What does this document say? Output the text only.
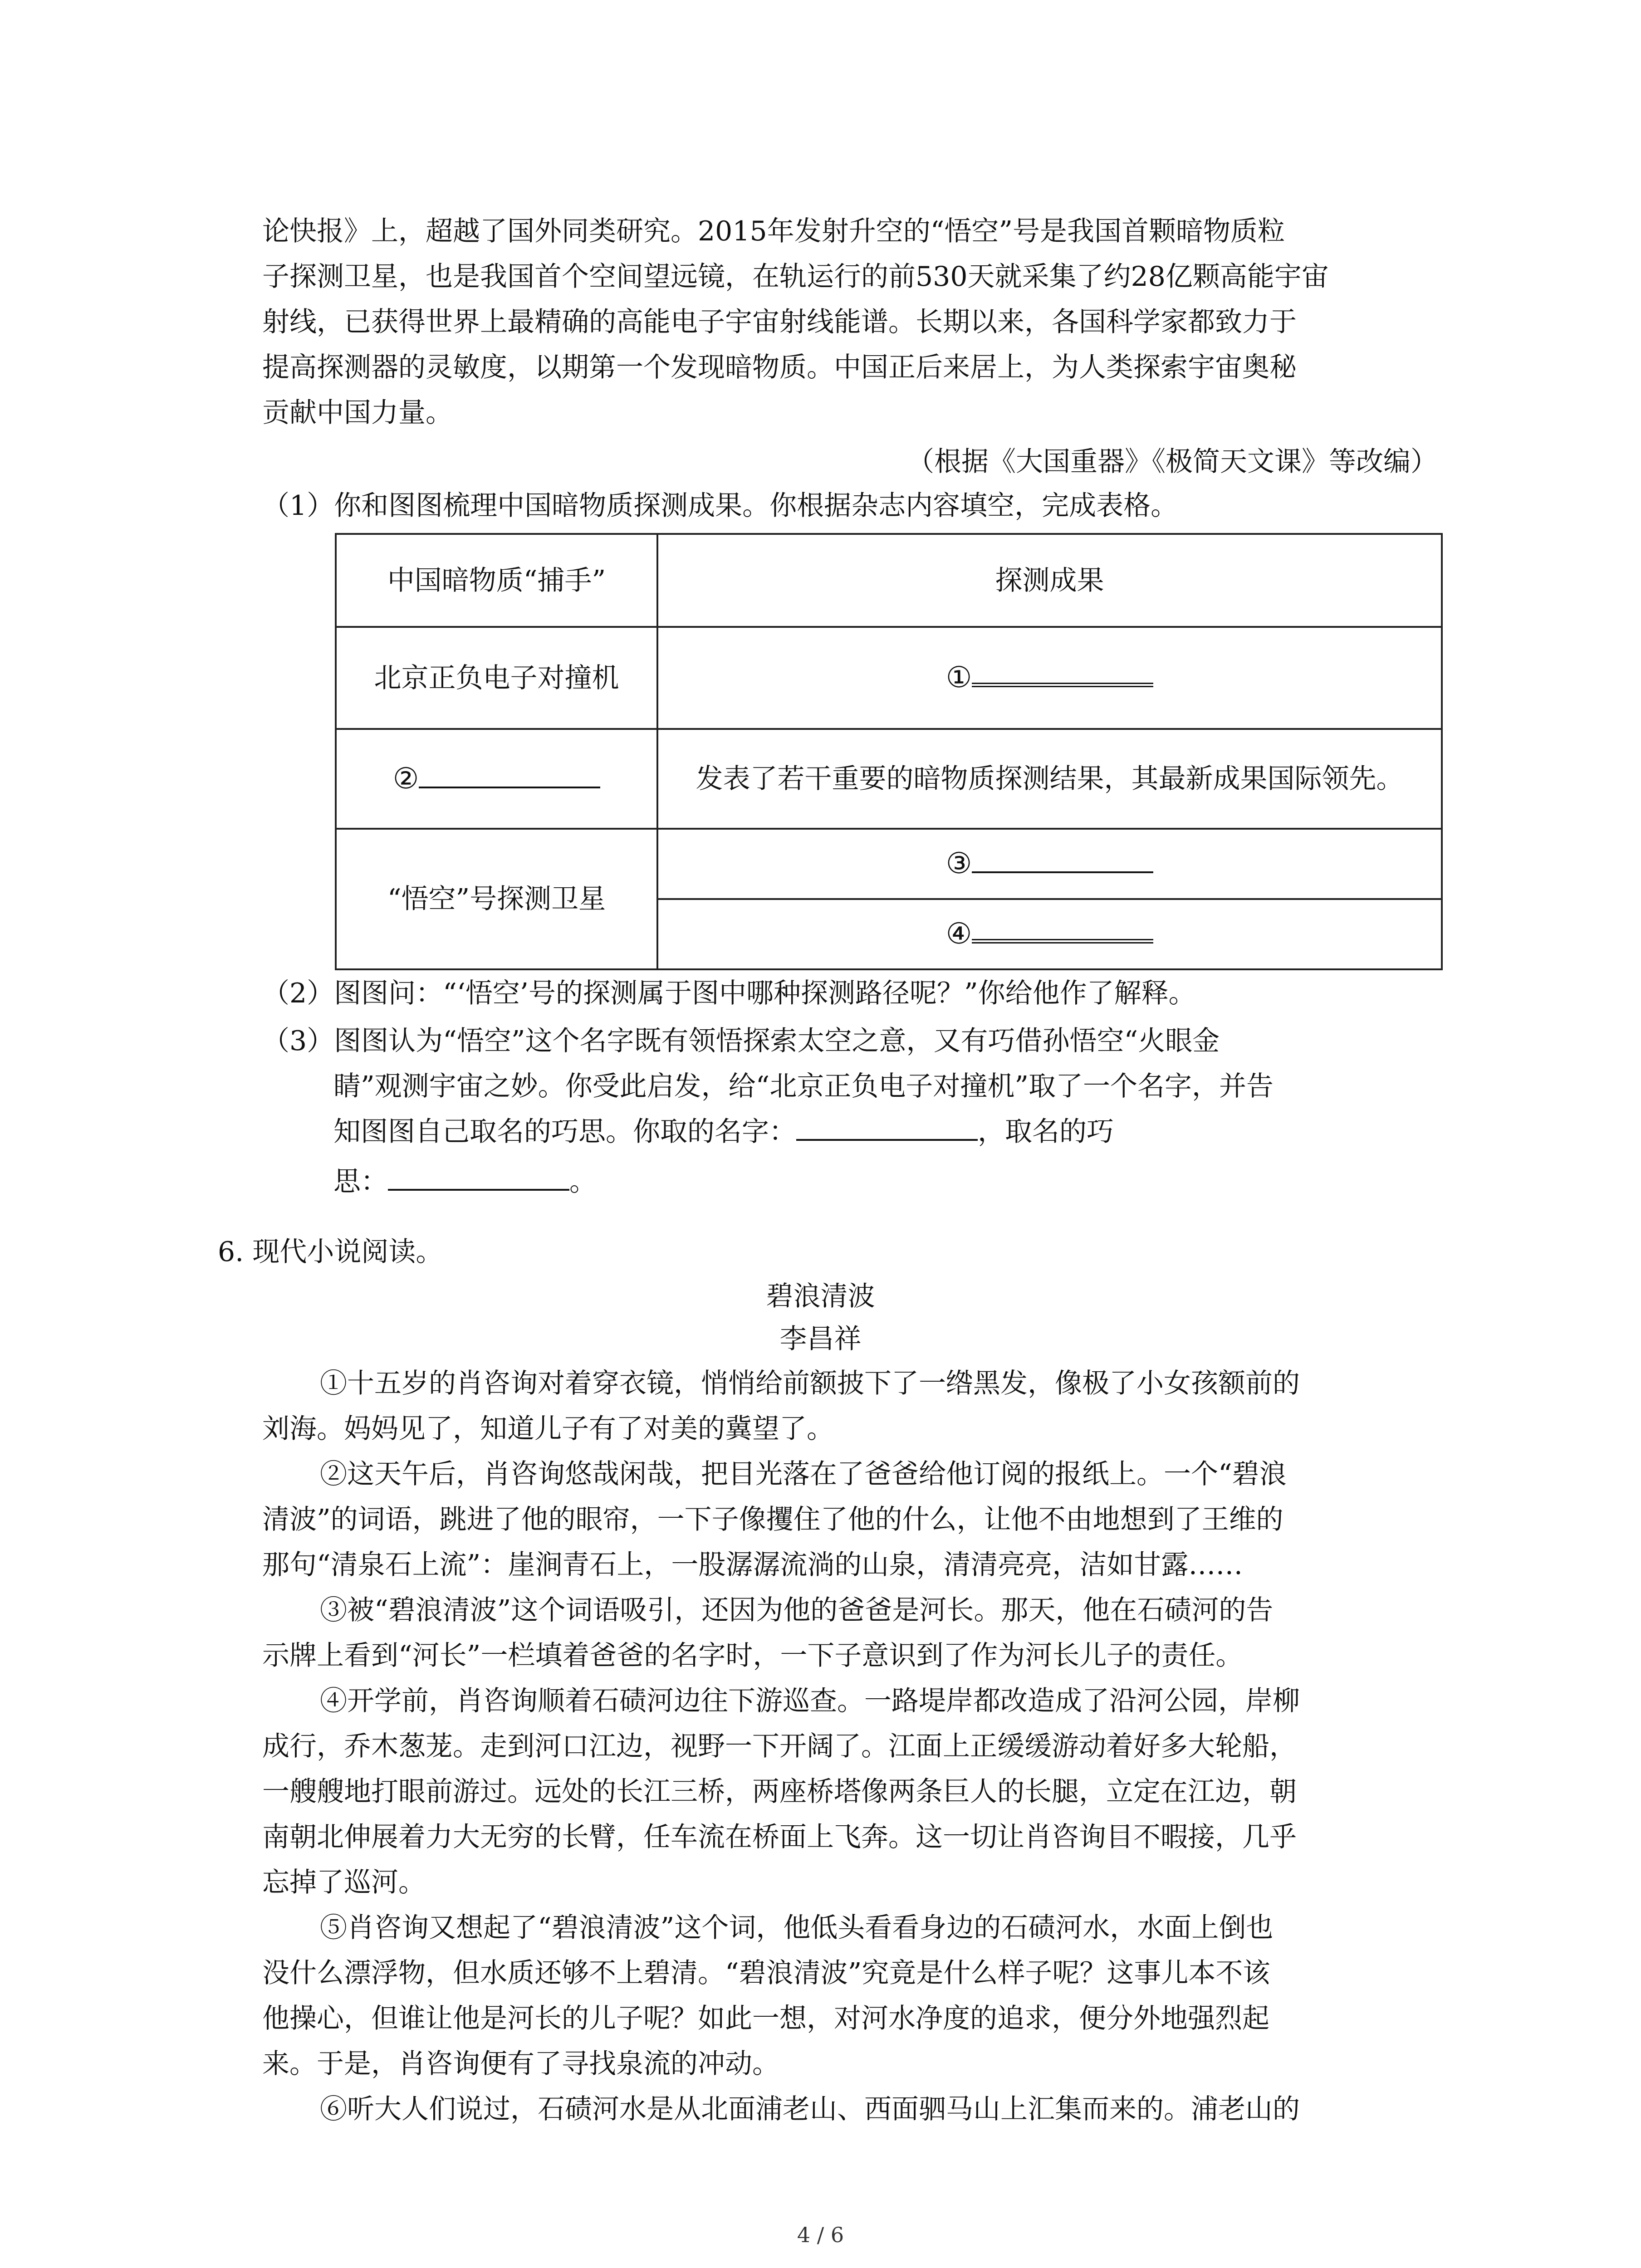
论快报》上，超越了国外同类研究。2015年发射升空的“悟空”号是我国首颗暗物质粒
子探测卫星，也是我国首个空间望远镜，在轨运行的前530天就采集了约28亿颗高能宇宙
射线，已获得世界上最精确的高能电子宇宙射线能谱。长期以来，各国科学家都致力于
提高探测器的灵敏度，以期第一个发现暗物质。中国正后来居上，为人类探索宇宙奥秘
贡献中国力量。
（根据《大国重器》《极简天文课》等改编）
（1）你和图图梳理中国暗物质探测成果。你根据杂志内容填空，完成表格。
中国暗物质“捕手”	探测成果
北京正负电子对撞机	①
②	发表了若干重要的暗物质探测结果，其最新成果国际领先。
“悟空”号探测卫星	③
	④
（2）图图问：“‘悟空’号的探测属于图中哪种探测路径呢？”你给他作了解释。
（3）图图认为“悟空”这个名字既有领悟探索太空之意，又有巧借孙悟空“火眼金
睛”观测宇宙之妙。你受此启发，给“北京正负电子对撞机”取了一个名字，并告
知图图自己取名的巧思。你取的名字：	，取名的巧
思：	。
6. 现代小说阅读。
碧浪清波
李昌祥
①十五岁的肖咨询对着穿衣镜，悄悄给前额披下了一绺黑发，像极了小女孩额前的
刘海。妈妈见了，知道儿子有了对美的冀望了。
②这天午后，肖咨询悠哉闲哉，把目光落在了爸爸给他订阅的报纸上。一个“碧浪
清波”的词语，跳进了他的眼帘，一下子像攫住了他的什么，让他不由地想到了王维的
那句“清泉石上流”：崖涧青石上，一股潺潺流淌的山泉，清清亮亮，洁如甘露……
③被“碧浪清波”这个词语吸引，还因为他的爸爸是河长。那天，他在石碛河的告
示牌上看到“河长”一栏填着爸爸的名字时，一下子意识到了作为河长儿子的责任。
④开学前，肖咨询顺着石碛河边往下游巡查。一路堤岸都改造成了沿河公园，岸柳
成行，乔木葱茏。走到河口江边，视野一下开阔了。江面上正缓缓游动着好多大轮船，
一艘艘地打眼前游过。远处的长江三桥，两座桥塔像两条巨人的长腿，立定在江边，朝
南朝北伸展着力大无穷的长臂，任车流在桥面上飞奔。这一切让肖咨询目不暇接，几乎
忘掉了巡河。
⑤肖咨询又想起了“碧浪清波”这个词，他低头看看身边的石碛河水，水面上倒也
没什么漂浮物，但水质还够不上碧清。“碧浪清波”究竟是什么样子呢？这事儿本不该
他操心，但谁让他是河长的儿子呢？如此一想，对河水净度的追求，便分外地强烈起
来。于是，肖咨询便有了寻找泉流的冲动。
⑥听大人们说过，石碛河水是从北面浦老山、西面驷马山上汇集而来的。浦老山的
4 / 6
